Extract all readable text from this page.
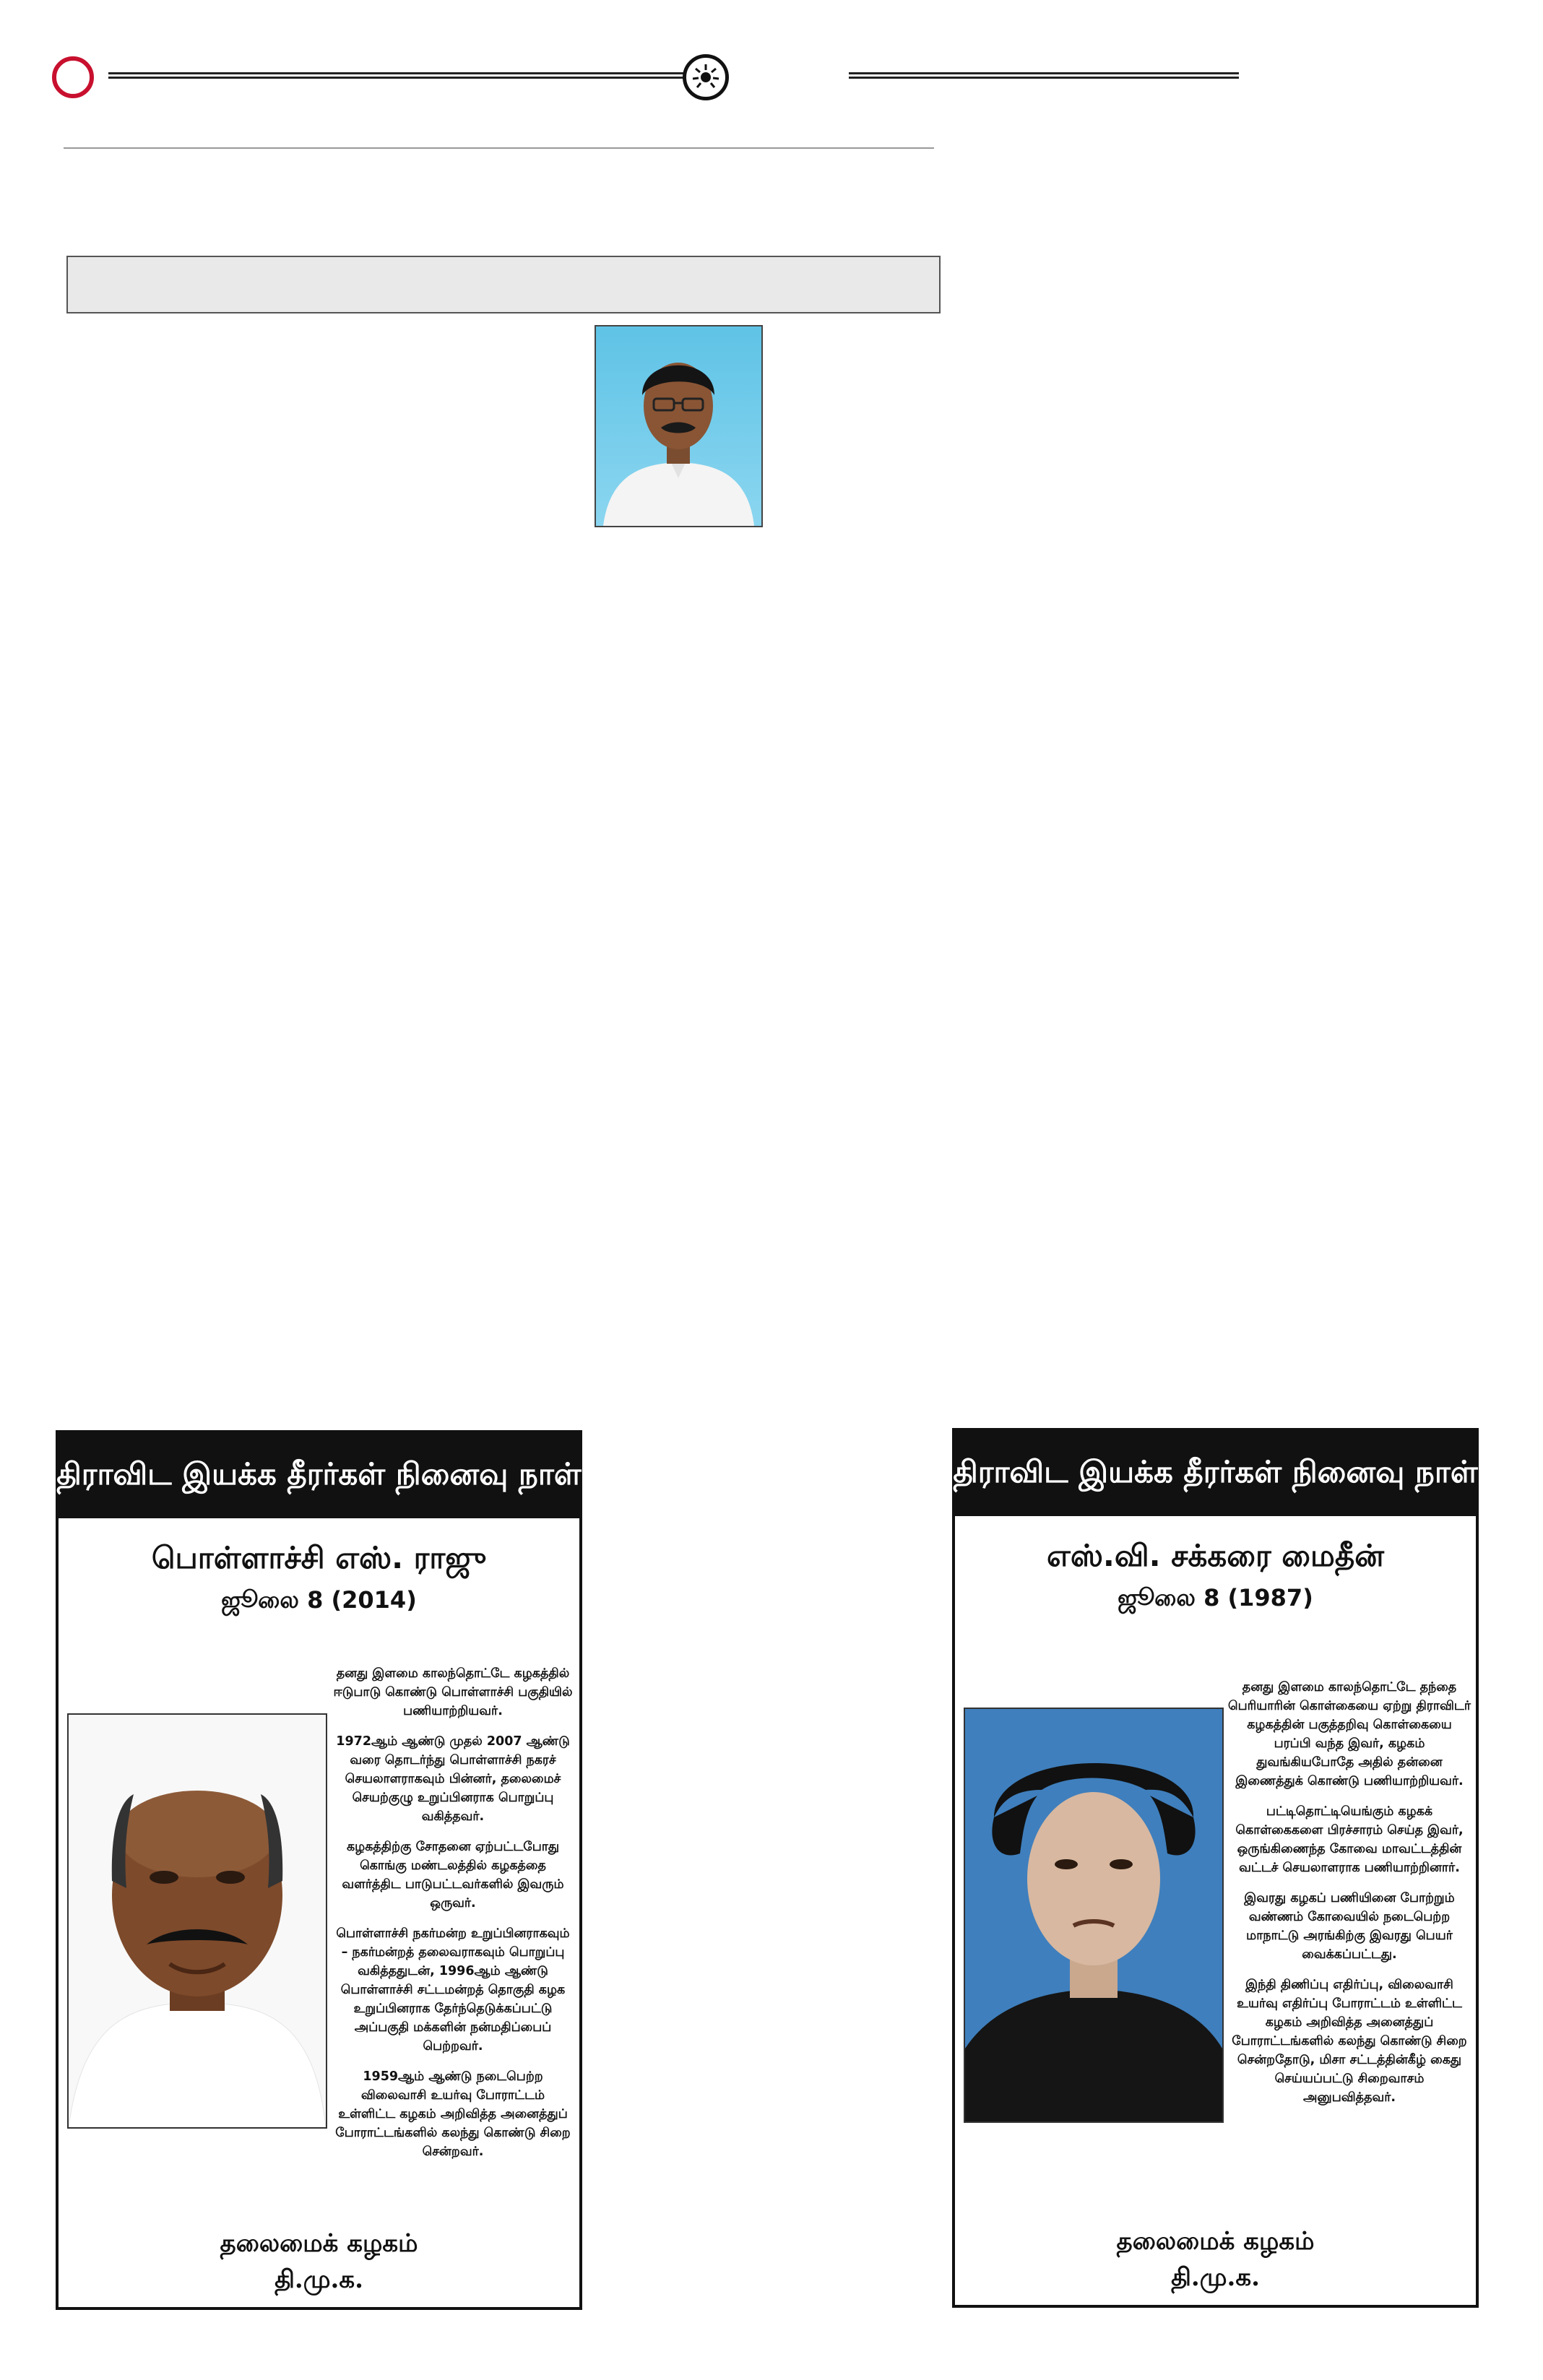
திராவிட இயக்க தீரர்கள் நினைவு நாள்
பொள்ளாச்சி எஸ். ராஜு
ஜூலை 8 (2014)

தனது இளமை காலந்தொட்டே கழகத்தில் ஈடுபாடு கொண்டு பொள்ளாச்சி பகுதியில் பணியாற்றியவர்.

1972ஆம் ஆண்டு முதல் 2007 ஆண்டு வரை தொடர்ந்து பொள்ளாச்சி நகரச் செயலாளராகவும் பின்னர், தலைமைச் செயற்குழு உறுப்பினராக பொறுப்பு வகித்தவர்.

கழகத்திற்கு சோதனை ஏற்பட்டபோது கொங்கு மண்டலத்தில் கழகத்தை வளர்த்திட பாடுபட்டவர்களில் இவரும் ஒருவர்.

பொள்ளாச்சி நகர்மன்ற உறுப்பினராகவும் – நகர்மன்றத் தலைவராகவும் பொறுப்பு வகித்ததுடன், 1996ஆம் ஆண்டு பொள்ளாச்சி சட்டமன்றத் தொகுதி கழக உறுப்பினராக தேர்ந்தெடுக்கப்பட்டு அப்பகுதி மக்களின் நன்மதிப்பைப் பெற்றவர்.

1959ஆம் ஆண்டு நடைபெற்ற விலைவாசி உயர்வு போராட்டம் உள்ளிட்ட கழகம் அறிவித்த அனைத்துப் போராட்டங்களில் கலந்து கொண்டு சிறை சென்றவர்.

தலைமைக் கழகம்
தி.மு.க.
திராவிட இயக்க தீரர்கள் நினைவு நாள்
எஸ்.வி. சக்கரை மைதீன்
ஜூலை 8 (1987)

தனது இளமை காலந்தொட்டே தந்தை பெரியாரின் கொள்கையை ஏற்று திராவிடர் கழகத்தின் பகுத்தறிவு கொள்கையை பரப்பி வந்த இவர், கழகம் துவங்கியபோதே அதில் தன்னை இணைத்துக் கொண்டு பணியாற்றியவர்.

பட்டிதொட்டியெங்கும் கழகக் கொள்கைகளை பிரச்சாரம் செய்த இவர், ஒருங்கிணைந்த கோவை மாவட்டத்தின் வட்டச் செயலாளராக பணியாற்றினார்.

இவரது கழகப் பணியினை போற்றும் வண்ணம் கோவையில் நடைபெற்ற மாநாட்டு அரங்கிற்கு இவரது பெயர் வைக்கப்பட்டது.

இந்தி திணிப்பு எதிர்ப்பு, விலைவாசி உயர்வு எதிர்ப்பு போராட்டம் உள்ளிட்ட கழகம் அறிவித்த அனைத்துப் போராட்டங்களில் கலந்து கொண்டு சிறை சென்றதோடு, மிசா சட்டத்தின்கீழ் கைது செய்யப்பட்டு சிறைவாசம் அனுபவித்தவர்.

தலைமைக் கழகம்
தி.மு.க.
